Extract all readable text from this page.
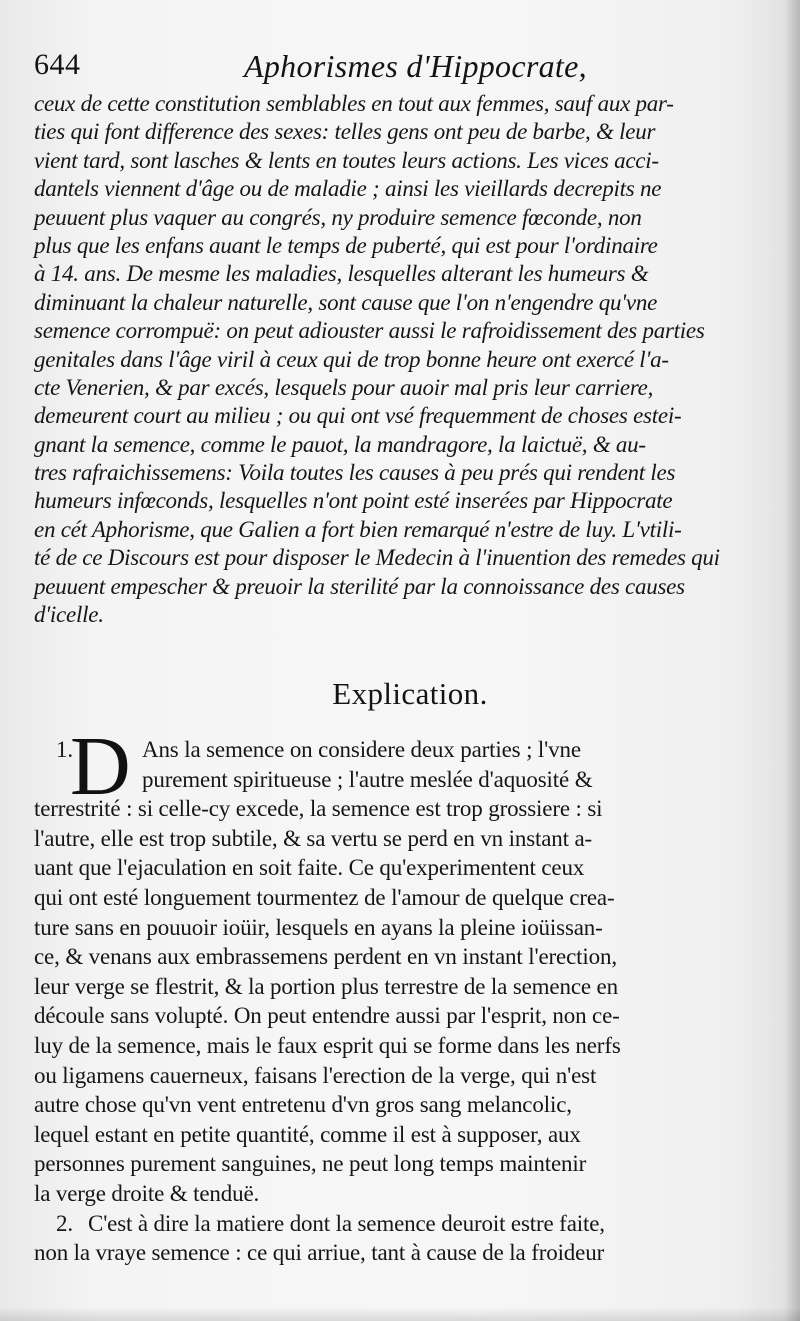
644	Aphorismes d'Hippocrate,
ceux de cette constitution semblables en tout aux femmes, sauf aux par-
ties qui font difference des sexes: telles gens ont peu de barbe, & leur
vient tard, sont lasches & lents en toutes leurs actions. Les vices acci-
dantels viennent d'âge ou de maladie ; ainsi les vieillards decrepits ne
peuuent plus vaquer au congrés, ny produire semence fœconde, non
plus que les enfans auant le temps de puberté, qui est pour l'ordinaire
à 14. ans. De mesme les maladies, lesquelles alterant les humeurs &
diminuant la chaleur naturelle, sont cause que l'on n'engendre qu'vne
semence corrompuë: on peut adiouster aussi le rafroidissement des parties
genitales dans l'âge viril à ceux qui de trop bonne heure ont exercé l'a-
cte Venerien, & par excés, lesquels pour auoir mal pris leur carriere,
demeurent court au milieu ; ou qui ont vsé frequemment de choses estei-
gnant la semence, comme le pauot, la mandragore, la laictuë, & au-
tres rafraichissemens: Voila toutes les causes à peu prés qui rendent les
humeurs infœconds, lesquelles n'ont point esté inserées par Hippocrate
en cét Aphorisme, que Galien a fort bien remarqué n'estre de luy. L'vtili-
té de ce Discours est pour disposer le Medecin à l'inuention des remedes qui
peuuent empescher & preuoir la sterilité par la connoissance des causes
d'icelle.
Explication.
D
1.	Ans la semence on considere deux parties ; l'vne
purement spiritueuse ; l'autre meslée d'aquosité &
terrestrité : si celle-cy excede, la semence est trop grossiere : si
l'autre, elle est trop subtile, & sa vertu se perd en vn instant a-
uant que l'ejaculation en soit faite. Ce qu'experimentent ceux
qui ont esté longuement tourmentez de l'amour de quelque crea-
ture sans en pouuoir ioüir, lesquels en ayans la pleine ioüissan-
ce, & venans aux embrassemens perdent en vn instant l'erection,
leur verge se flestrit, & la portion plus terrestre de la semence en
découle sans volupté. On peut entendre aussi par l'esprit, non ce-
luy de la semence, mais le faux esprit qui se forme dans les nerfs
ou ligamens cauerneux, faisans l'erection de la verge, qui n'est
autre chose qu'vn vent entretenu d'vn gros sang melancolic,
lequel estant en petite quantité, comme il est à supposer, aux
personnes purement sanguines, ne peut long temps maintenir
la verge droite & tenduë.
2. C'est à dire la matiere dont la semence deuroit estre faite,
non la vraye semence : ce qui arriue, tant à cause de la froideur
